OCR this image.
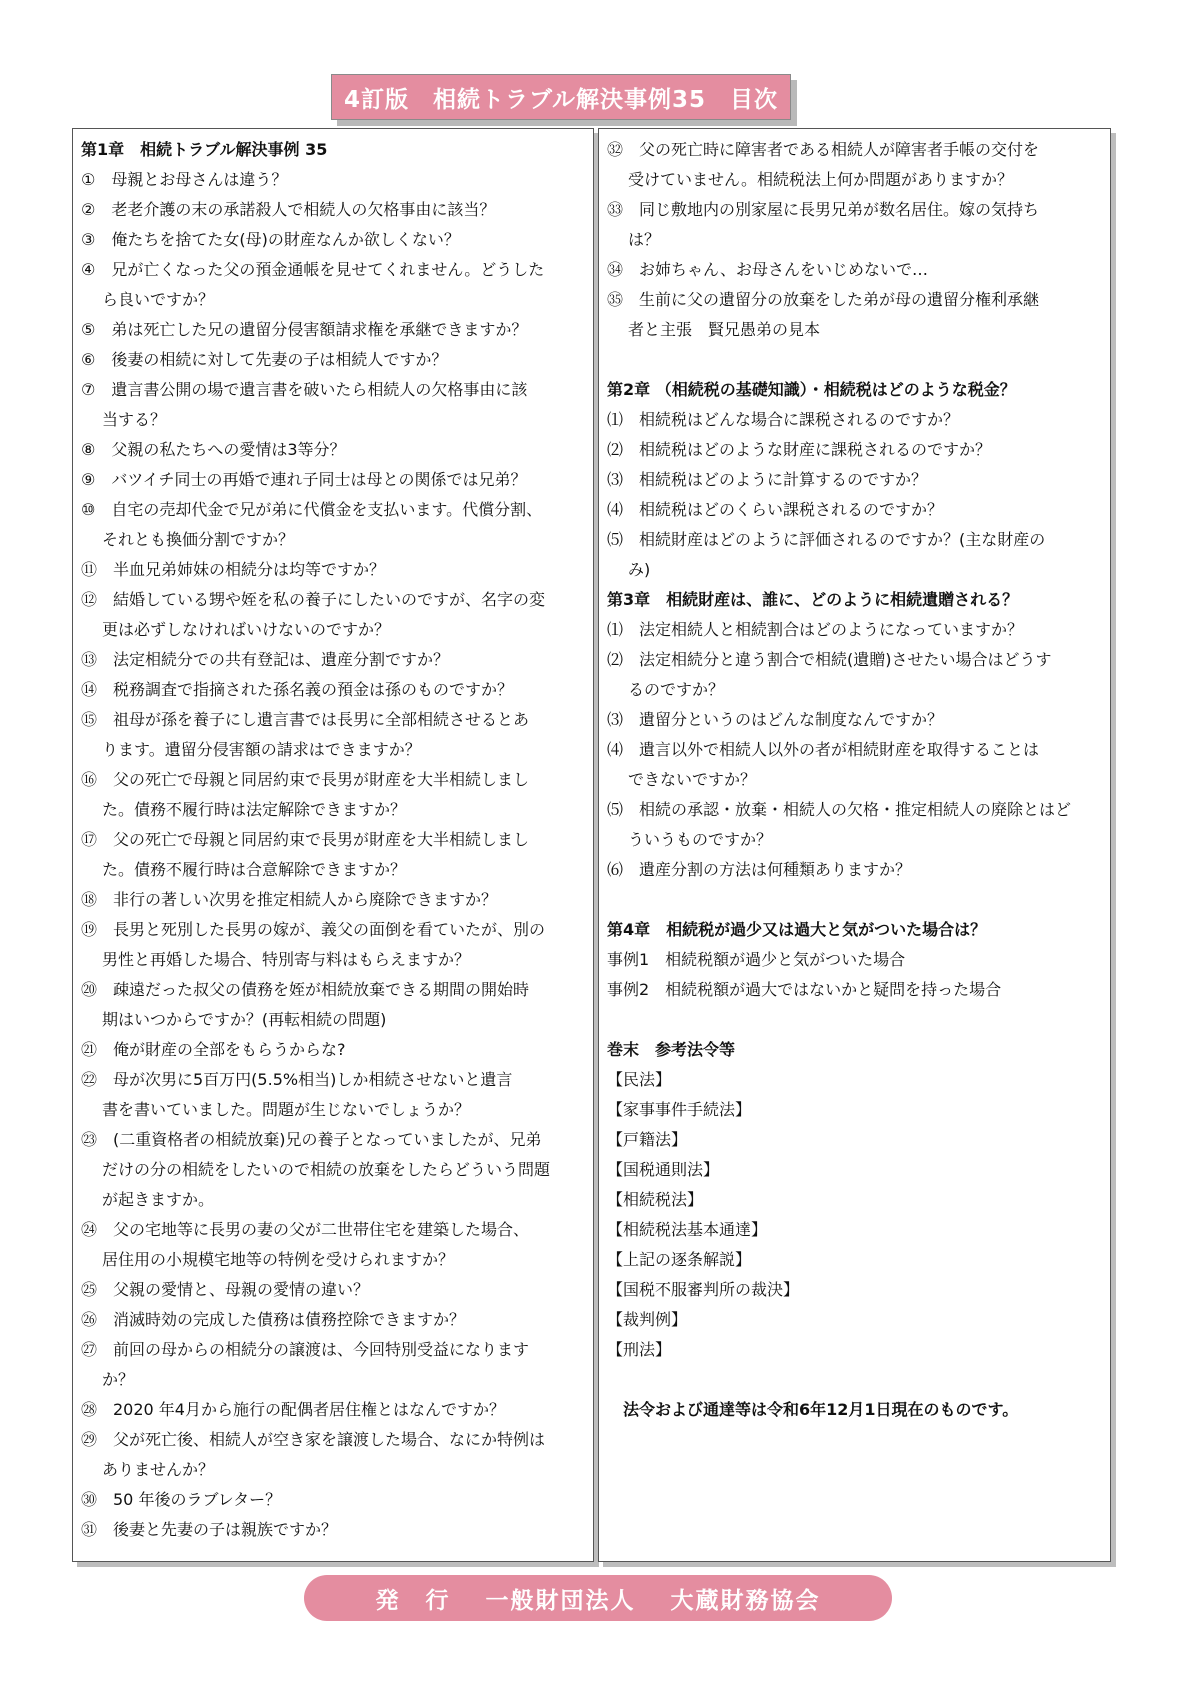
4訂版　相続トラブル解決事例35　目次
第1章　相続トラブル解決事例 35
①　母親とお母さんは違う？
②　老老介護の末の承諾殺人で相続人の欠格事由に該当？
③　俺たちを捨てた女(母)の財産なんか欲しくない？
④　兄が亡くなった父の預金通帳を見せてくれません。どうした
ら良いですか？
⑤　弟は死亡した兄の遺留分侵害額請求権を承継できますか？
⑥　後妻の相続に対して先妻の子は相続人ですか？
⑦　遺言書公開の場で遺言書を破いたら相続人の欠格事由に該
当する？
⑧　父親の私たちへの愛情は3等分？
⑨　バツイチ同士の再婚で連れ子同士は母との関係では兄弟？
⑩　自宅の売却代金で兄が弟に代償金を支払います。代償分割、
それとも換価分割ですか？
⑪　半血兄弟姉妹の相続分は均等ですか？
⑫　結婚している甥や姪を私の養子にしたいのですが、名字の変
更は必ずしなければいけないのですか？
⑬　法定相続分での共有登記は、遺産分割ですか？
⑭　税務調査で指摘された孫名義の預金は孫のものですか？
⑮　祖母が孫を養子にし遺言書では長男に全部相続させるとあ
ります。遺留分侵害額の請求はできますか？
⑯　父の死亡で母親と同居約束で長男が財産を大半相続しまし
た。債務不履行時は法定解除できますか？
⑰　父の死亡で母親と同居約束で長男が財産を大半相続しまし
た。債務不履行時は合意解除できますか？
⑱　非行の著しい次男を推定相続人から廃除できますか？
⑲　長男と死別した長男の嫁が、義父の面倒を看ていたが、別の
男性と再婚した場合、特別寄与料はもらえますか？
⑳　疎遠だった叔父の債務を姪が相続放棄できる期間の開始時
期はいつからですか？(再転相続の問題)
㉑　俺が財産の全部をもらうからな?
㉒　母が次男に5百万円(5.5%相当)しか相続させないと遺言
書を書いていました。問題が生じないでしょうか？
㉓　(二重資格者の相続放棄)兄の養子となっていましたが、兄弟
だけの分の相続をしたいので相続の放棄をしたらどういう問題
が起きますか。
㉔　父の宅地等に長男の妻の父が二世帯住宅を建築した場合、
居住用の小規模宅地等の特例を受けられますか？
㉕　父親の愛情と、母親の愛情の違い？
㉖　消滅時効の完成した債務は債務控除できますか？
㉗　前回の母からの相続分の譲渡は、今回特別受益になります
か？
㉘　2020 年4月から施行の配偶者居住権とはなんですか？
㉙　父が死亡後、相続人が空き家を譲渡した場合、なにか特例は
ありませんか？
㉚　50 年後のラブレター？
㉛　後妻と先妻の子は親族ですか？
㉜　父の死亡時に障害者である相続人が障害者手帳の交付を
受けていません。相続税法上何か問題がありますか？
㉝　同じ敷地内の別家屋に長男兄弟が数名居住。嫁の気持ち
は？
㉞　お姉ちゃん、お母さんをいじめないで…
㉟　生前に父の遺留分の放棄をした弟が母の遺留分権利承継
者と主張　賢兄愚弟の見本
第2章 （相続税の基礎知識）・相続税はどのような税金？
⑴　相続税はどんな場合に課税されるのですか？
⑵　相続税はどのような財産に課税されるのですか？
⑶　相続税はどのように計算するのですか？
⑷　相続税はどのくらい課税されるのですか？
⑸　相続財産はどのように評価されるのですか？(主な財産の
み)
第3章　相続財産は、誰に、どのように相続遺贈される？
⑴　法定相続人と相続割合はどのようになっていますか？
⑵　法定相続分と違う割合で相続(遺贈)させたい場合はどうす
るのですか？
⑶　遺留分というのはどんな制度なんですか？
⑷　遺言以外で相続人以外の者が相続財産を取得することは
できないですか？
⑸　相続の承認・放棄・相続人の欠格・推定相続人の廃除とはど
ういうものですか？
⑹　遺産分割の方法は何種類ありますか？
第4章　相続税が過少又は過大と気がついた場合は？
事例1　相続税額が過少と気がついた場合
事例2　相続税額が過大ではないかと疑問を持った場合
巻末　参考法令等
【民法】
【家事事件手続法】
【戸籍法】
【国税通則法】
【相続税法】
【相続税法基本通達】
【上記の逐条解説】
【国税不服審判所の裁決】
【裁判例】
【刑法】
　法令および通達等は令和6年12月1日現在のものです。
発　行　 一般財団法人　 大蔵財務協会
